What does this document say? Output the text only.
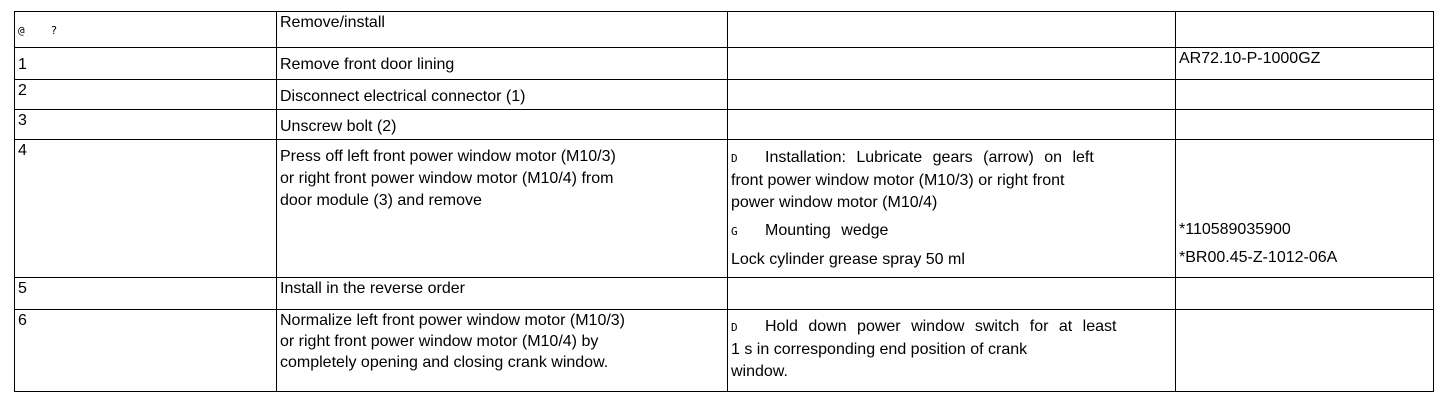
@ ?	Remove/install		
1	Remove front door lining		AR72.10-P-1000GZ

2	Disconnect electrical connector (1)		

3	Unscrew bolt (2)		

4	Press off left front power window motor (M10/3)
or right front power window motor (M10/4) from
door module (3) and remove	D Installation: Lubricate gears (arrow) on left
front power window motor (M10/3) or right front
power window motor (M10/4)
G Mounting wedge
Lock cylinder grease spray 50 ml	*110589035900
*BR00.45-Z-1012-06A

5	Install in the reverse order		

6	Normalize left front power window motor (M10/3)
or right front power window motor (M10/4) by
completely opening and closing crank window.	D Hold down power window switch for at least
1 s in corresponding end position of crank
window.	
